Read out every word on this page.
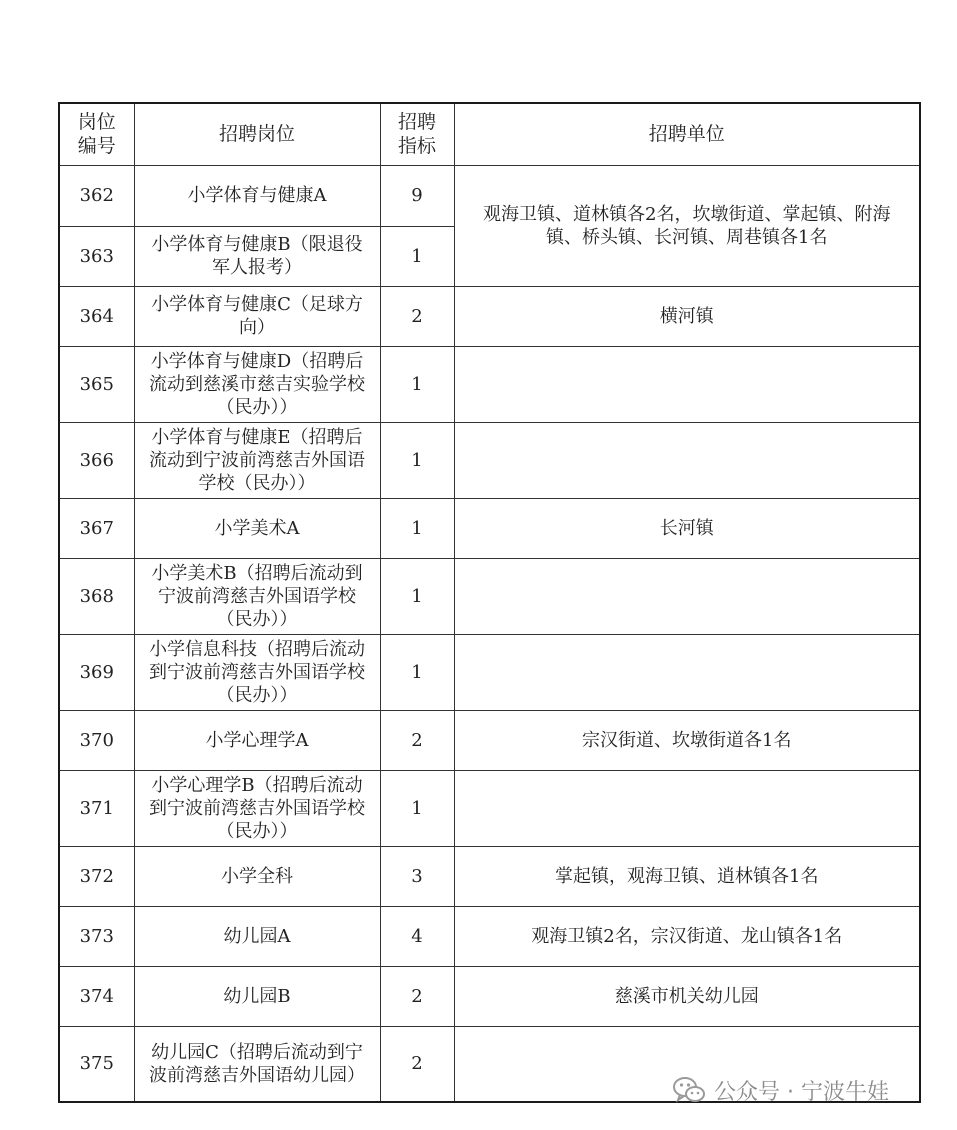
岗位编号	招聘岗位	招聘指标	招聘单位
362	小学体育与健康A	9	观海卫镇、道林镇各2名，坎墩街道、掌起镇、附海镇、桥头镇、长河镇、周巷镇各1名
363	小学体育与健康B（限退役军人报考）	1	
364	小学体育与健康C（足球方向）	2	横河镇
365	小学体育与健康D（招聘后流动到慈溪市慈吉实验学校（民办））	1	
366	小学体育与健康E（招聘后流动到宁波前湾慈吉外国语学校（民办））	1	
367	小学美术A	1	长河镇
368	小学美术B（招聘后流动到宁波前湾慈吉外国语学校（民办））	1	
369	小学信息科技（招聘后流动到宁波前湾慈吉外国语学校（民办））	1	
370	小学心理学A	2	宗汉街道、坎墩街道各1名
371	小学心理学B（招聘后流动到宁波前湾慈吉外国语学校（民办））	1	
372	小学全科	3	掌起镇，观海卫镇、逍林镇各1名
373	幼儿园A	4	观海卫镇2名，宗汉街道、龙山镇各1名
374	幼儿园B	2	慈溪市机关幼儿园
375	幼儿园C（招聘后流动到宁波前湾慈吉外国语幼儿园）	2	
公众号 · 宁波牛娃
